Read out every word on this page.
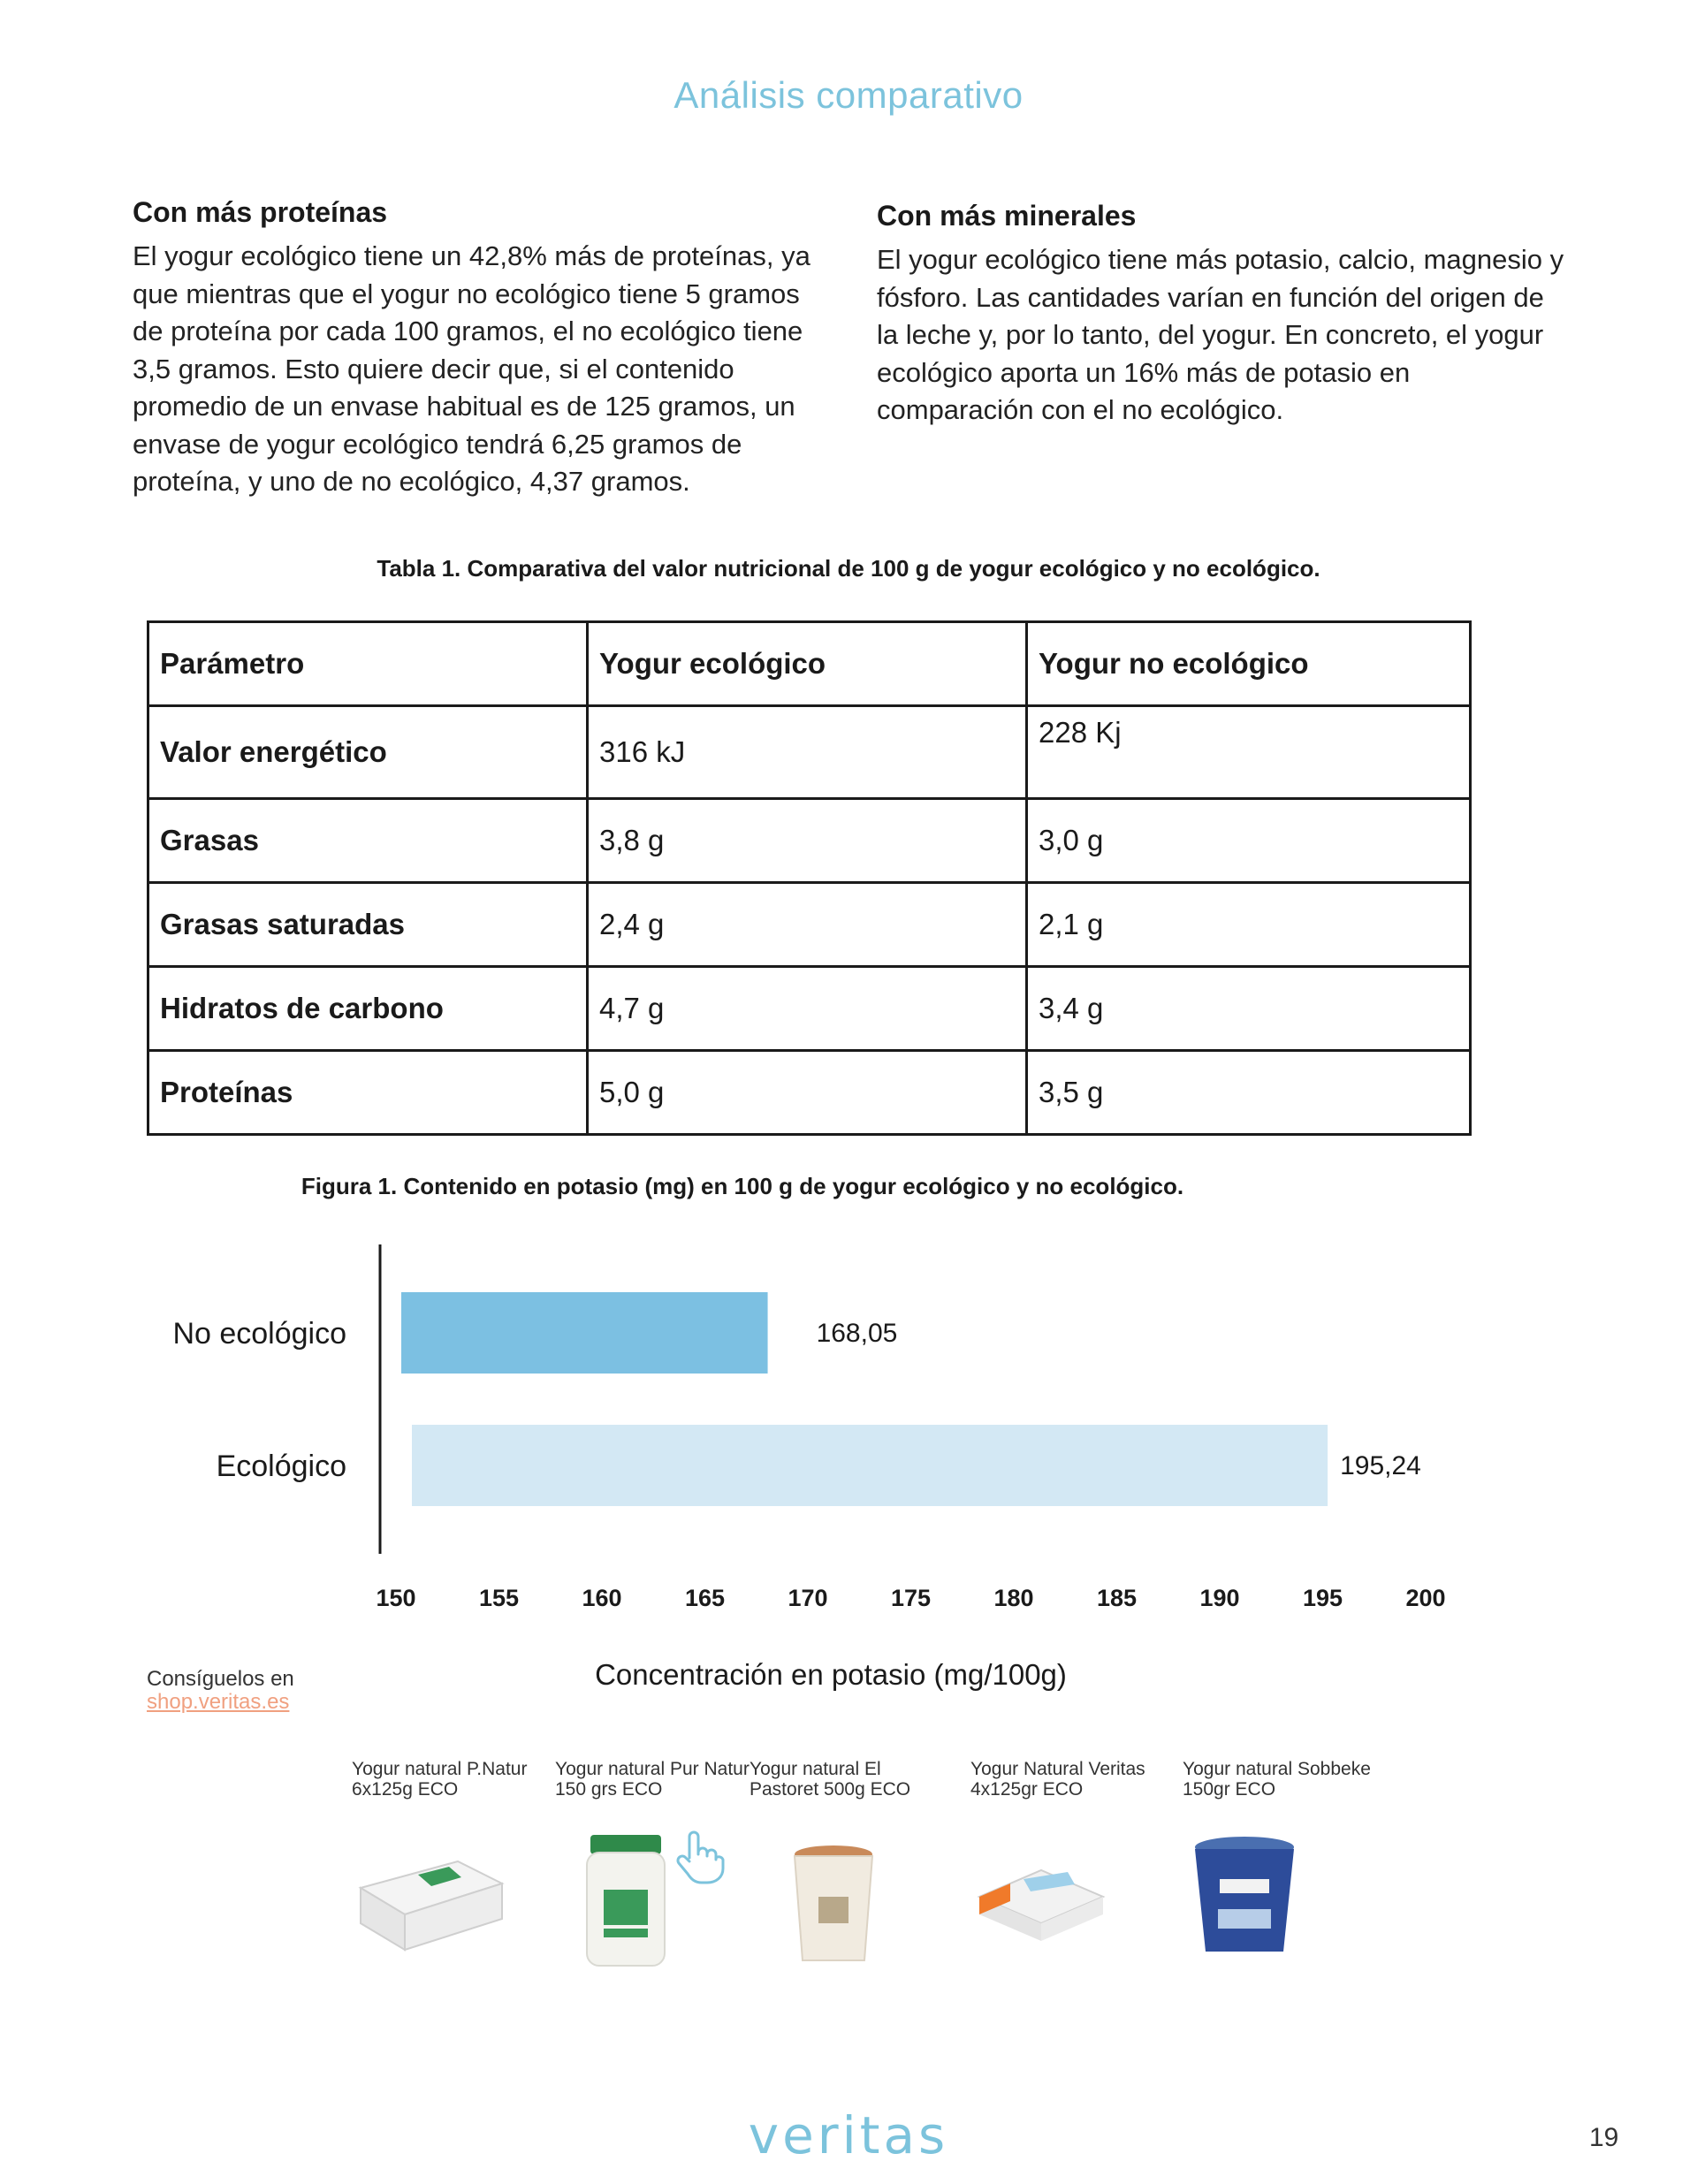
Análisis comparativo
Con más proteínas

El yogur ecológico tiene un 42,8% más de proteínas, ya que mientras que el yogur no ecológico tiene 5 gramos de proteína por cada 100 gramos, el no ecológico tiene 3,5 gramos. Esto quiere decir que, si el contenido promedio de un envase habitual es de 125 gramos, un envase de yogur ecológico tendrá 6,25 gramos de proteína, y uno de no ecológico, 4,37 gramos.

Con más minerales

El yogur ecológico tiene más potasio, calcio, magnesio y fósforo. Las cantidades varían en función del origen de la leche y, por lo tanto, del yogur. En concreto, el yogur ecológico aporta un 16% más de potasio en comparación con el no ecológico.

Tabla 1. Comparativa del valor nutricional de 100 g de yogur ecológico y no ecológico.
Parámetro	Yogur ecológico	Yogur no ecológico
Valor energético	316 kJ	228 Kj
Grasas	3,8 g	3,0 g
Grasas saturadas	2,4 g	2,1 g
Hidratos de carbono	4,7 g	3,4 g
Proteínas	5,0 g	3,5 g
Figura 1. Contenido en potasio (mg) en 100 g de yogur ecológico y no ecológico.
No ecológico	168,05
Ecológico	195,24
150	155	160	165	170	175	180	185	190	195	200
Concentración en potasio (mg/100g)
Consíguelos en
shop.veritas.es
Yogur natural P.Natur 6x125g ECO
Yogur natural Pur Natur 150 grs ECO
Yogur natural El Pastoret 500g ECO
Yogur Natural Veritas 4x125gr ECO
Yogur natural Sobbeke 150gr ECO
veritas	19
